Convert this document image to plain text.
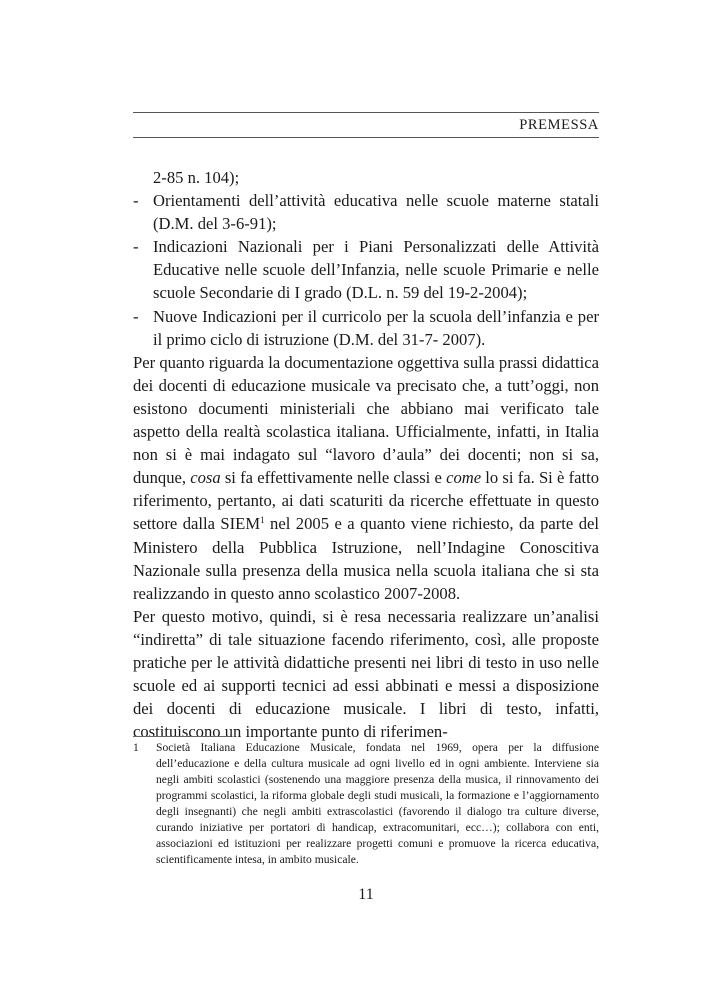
PREMESSA

2-85 n. 104);

- Orientamenti dell’attività educativa nelle scuole materne statali (D.M. del 3-6-91);
- Indicazioni Nazionali per i Piani Personalizzati delle Attività Educative nelle scuole dell’Infanzia, nelle scuole Primarie e nelle scuole Secondarie di I grado (D.L. n. 59 del 19-2-2004);
- Nuove Indicazioni per il curricolo per la scuola dell’infanzia e per il primo ciclo di istruzione (D.M. del 31-7- 2007).

Per quanto riguarda la documentazione oggettiva sulla prassi didattica dei docenti di educazione musicale va precisato che, a tutt’oggi, non esistono documenti ministeriali che abbiano mai verificato tale aspetto della realtà scolastica italiana. Ufficialmente, infatti, in Italia non si è mai indagato sul “lavoro d’aula” dei docenti; non si sa, dunque, cosa si fa effettivamente nelle classi e come lo si fa. Si è fatto riferimento, pertanto, ai dati scaturiti da ricerche effettuate in questo settore dalla SIEM$^1$ nel 2005 e a quanto viene richiesto, da parte del Ministero della Pubblica Istruzione, nell’Indagine Conoscitiva Nazionale sulla presenza della musica nella scuola italiana che si sta realizzando in questo anno scolastico 2007-2008.

Per questo motivo, quindi, si è resa necessaria realizzare un’analisi “indiretta” di tale situazione facendo riferimento, così, alle proposte pratiche per le attività didattiche presenti nei libri di testo in uso nelle scuole ed ai supporti tecnici ad essi abbinati e messi a disposizione dei docenti di educazione musicale. I libri di testo, infatti, costituiscono un importante punto di riferimen-

1 Società Italiana Educazione Musicale, fondata nel 1969, opera per la diffusione dell’educazione e della cultura musicale ad ogni livello ed in ogni ambiente. Interviene sia negli ambiti scolastici (sostenendo una maggiore presenza della musica, il rinnovamento dei programmi scolastici, la riforma globale degli studi musicali, la formazione e l’aggiornamento degli insegnanti) che negli ambiti extrascolastici (favorendo il dialogo tra culture diverse, curando iniziative per portatori di handicap, extracomunitari, ecc…); collabora con enti, associazioni ed istituzioni per realizzare progetti comuni e promuove la ricerca educativa, scientificamente intesa, in ambito musicale.
11
